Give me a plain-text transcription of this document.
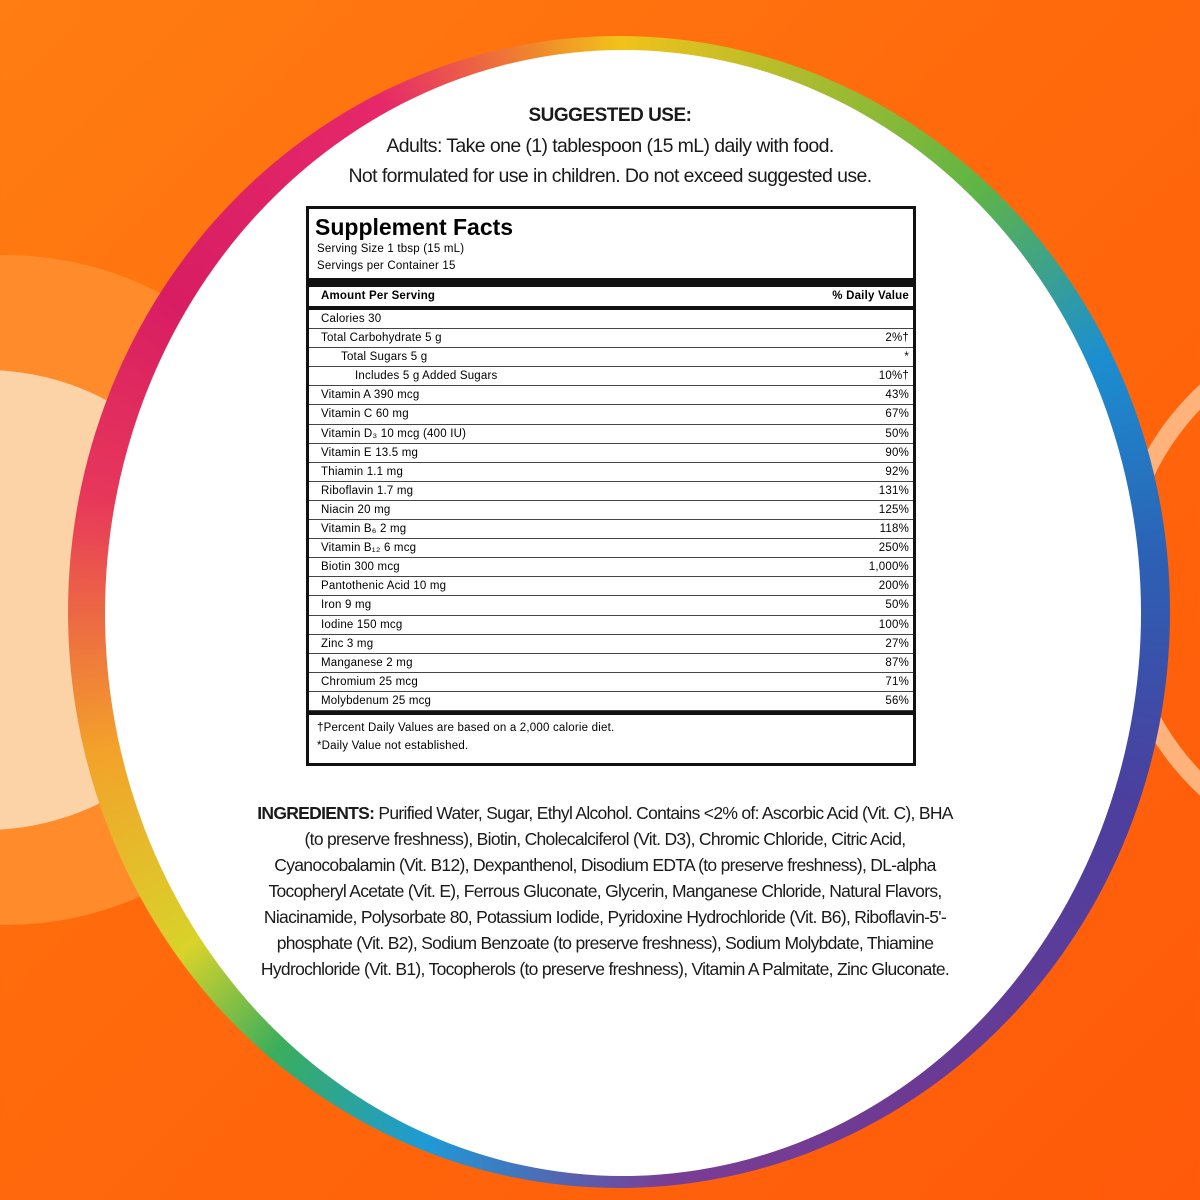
SUGGESTED USE:
Adults: Take one (1) tablespoon (15 mL) daily with food.
Not formulated for use in children. Do not exceed suggested use.
Supplement Facts
Serving Size 1 tbsp (15 mL)
Servings per Container 15
Amount Per Serving	% Daily Value
Calories 30
Total Carbohydrate 5 g	2%†
Total Sugars 5 g	*
Includes 5 g Added Sugars	10%†
Vitamin A 390 mcg	43%
Vitamin C 60 mg	67%
Vitamin D₃ 10 mcg (400 IU)	50%
Vitamin E 13.5 mg	90%
Thiamin 1.1 mg	92%
Riboflavin 1.7 mg	131%
Niacin 20 mg	125%
Vitamin B₆ 2 mg	118%
Vitamin B₁₂ 6 mcg	250%
Biotin 300 mcg	1,000%
Pantothenic Acid 10 mg	200%
Iron 9 mg	50%
Iodine 150 mcg	100%
Zinc 3 mg	27%
Manganese 2 mg	87%
Chromium 25 mcg	71%
Molybdenum 25 mcg	56%
†Percent Daily Values are based on a 2,000 calorie diet.
*Daily Value not established.
INGREDIENTS: Purified Water, Sugar, Ethyl Alcohol. Contains <2% of: Ascorbic Acid (Vit. C), BHA (to preserve freshness), Biotin, Cholecalciferol (Vit. D3), Chromic Chloride, Citric Acid, Cyanocobalamin (Vit. B12), Dexpanthenol, Disodium EDTA (to preserve freshness), DL-alpha Tocopheryl Acetate (Vit. E), Ferrous Gluconate, Glycerin, Manganese Chloride, Natural Flavors, Niacinamide, Polysorbate 80, Potassium Iodide, Pyridoxine Hydrochloride (Vit. B6), Riboflavin-5'- phosphate (Vit. B2), Sodium Benzoate (to preserve freshness), Sodium Molybdate, Thiamine Hydrochloride (Vit. B1), Tocopherols (to preserve freshness), Vitamin A Palmitate, Zinc Gluconate.
